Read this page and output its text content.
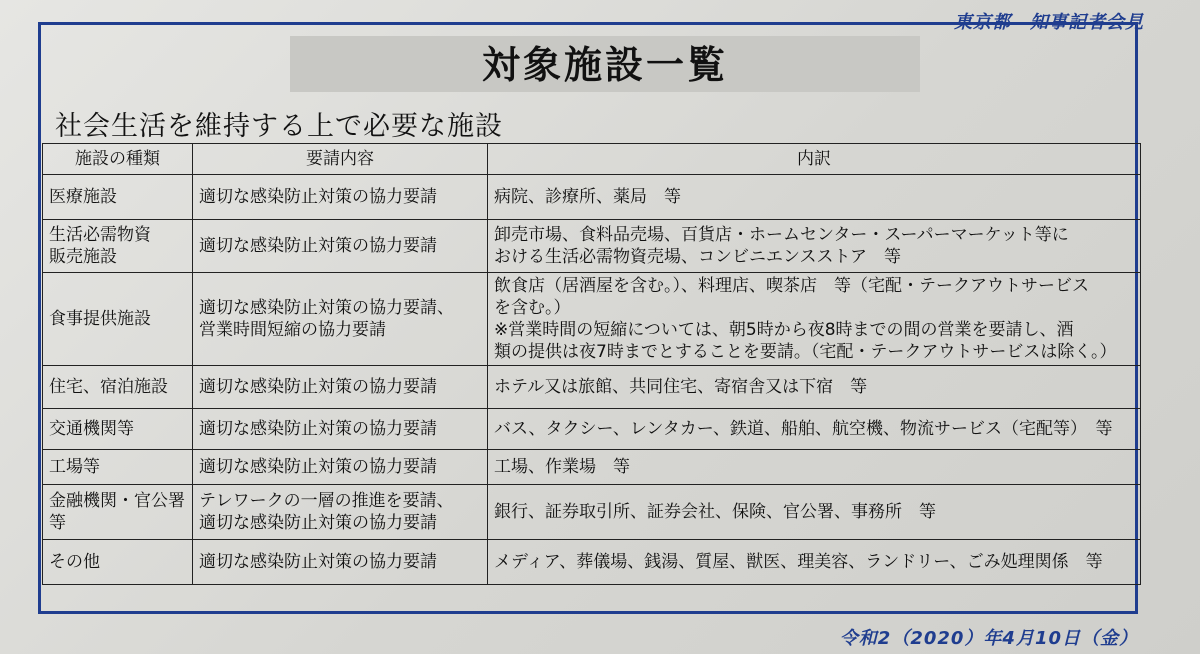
東京都　知事記者会見
対象施設一覧
社会生活を維持する上で必要な施設
施設の種類	要請内容	内訳
医療施設	適切な感染防止対策の協力要請	病院、診療所、薬局　等
生活必需物資
販売施設	適切な感染防止対策の協力要請	卸売市場、食料品売場、百貨店・ホームセンター・スーパーマーケット等に
おける生活必需物資売場、コンビニエンスストア　等
食事提供施設	適切な感染防止対策の協力要請、
営業時間短縮の協力要請	飲食店（居酒屋を含む。）、料理店、喫茶店　等（宅配・テークアウトサービス
を含む。）
※営業時間の短縮については、朝5時から夜8時までの間の営業を要請し、酒
類の提供は夜7時までとすることを要請。（宅配・テークアウトサービスは除く。）
住宅、宿泊施設	適切な感染防止対策の協力要請	ホテル又は旅館、共同住宅、寄宿舎又は下宿　等
交通機関等	適切な感染防止対策の協力要請	バス、タクシー、レンタカー、鉄道、船舶、航空機、物流サービス（宅配等）　等
工場等	適切な感染防止対策の協力要請	工場、作業場　等
金融機関・官公署
等	テレワークの一層の推進を要請、
適切な感染防止対策の協力要請	銀行、証券取引所、証券会社、保険、官公署、事務所　等
その他	適切な感染防止対策の協力要請	メディア、葬儀場、銭湯、質屋、獣医、理美容、ランドリー、ごみ処理関係　等
令和2（2020）年4月10日（金）
